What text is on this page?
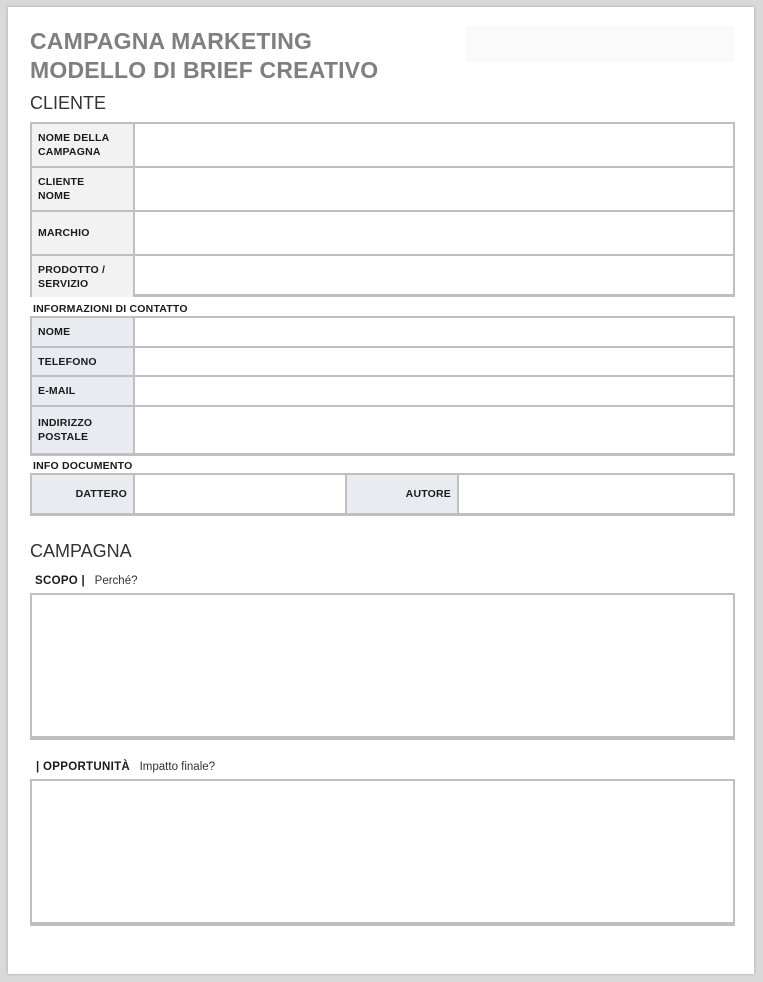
CAMPAGNA MARKETING
MODELLO DI BRIEF CREATIVO
CLIENTE
NOME DELLA
CAMPAGNA
CLIENTE
NOME
MARCHIO
PRODOTTO /
SERVIZIO
INFORMAZIONI DI CONTATTO
NOME
TELEFONO
E-MAIL
INDIRIZZO
POSTALE
INFO DOCUMENTO
DATTERO	AUTORE
CAMPAGNA
SCOPO | Perché?
| OPPORTUNITÀ Impatto finale?
